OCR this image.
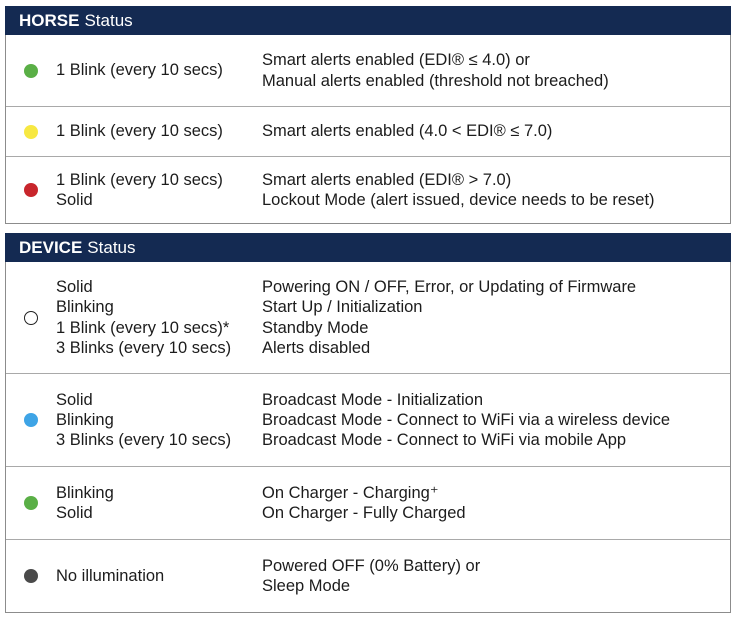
HORSE Status
1 Blink (every 10 secs)
Smart alerts enabled (EDI® ≤ 4.0) or
Manual alerts enabled (threshold not breached)
1 Blink (every 10 secs)	Smart alerts enabled (4.0 < EDI® ≤ 7.0)
1 Blink (every 10 secs)
Solid
Smart alerts enabled (EDI® > 7.0)
Lockout Mode (alert issued, device needs to be reset)
DEVICE Status
Solid
Blinking
1 Blink (every 10 secs)*
3 Blinks (every 10 secs)
Powering ON / OFF, Error, or Updating of Firmware
Start Up / Initialization
Standby Mode
Alerts disabled
Solid
Blinking
3 Blinks (every 10 secs)
Broadcast Mode - Initialization
Broadcast Mode - Connect to WiFi via a wireless device
Broadcast Mode - Connect to WiFi via mobile App
Blinking
Solid
On Charger - Charging⁺
On Charger - Fully Charged
No illumination
Powered OFF (0% Battery) or
Sleep Mode
